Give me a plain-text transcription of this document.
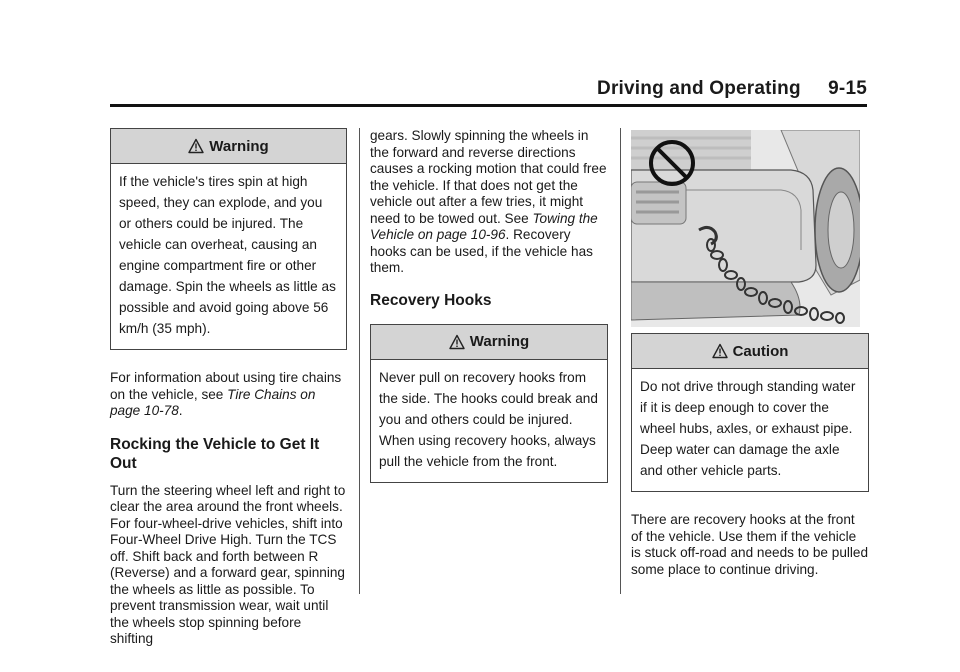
Driving and Operating     9-15
Warning
If the vehicle's tires spin at high speed, they can explode, and you or others could be injured. The vehicle can overheat, causing an engine compartment fire or other damage. Spin the wheels as little as possible and avoid going above 56 km/h (35 mph).

For information about using tire chains on the vehicle, see Tire Chains on page 10-78.

Rocking the Vehicle to Get It Out

Turn the steering wheel left and right to clear the area around the front wheels. For four-wheel-drive vehicles, shift into Four-Wheel Drive High. Turn the TCS off. Shift back and forth between R (Reverse) and a forward gear, spinning the wheels as little as possible. To prevent transmission wear, wait until the wheels stop spinning before shifting

gears. Slowly spinning the wheels in the forward and reverse directions causes a rocking motion that could free the vehicle. If that does not get the vehicle out after a few tries, it might need to be towed out. See Towing the Vehicle on page 10-96. Recovery hooks can be used, if the vehicle has them.

Recovery Hooks
Warning
Never pull on recovery hooks from the side. The hooks could break and you and others could be injured. When using recovery hooks, always pull the vehicle from the front.
Caution
Do not drive through standing water if it is deep enough to cover the wheel hubs, axles, or exhaust pipe. Deep water can damage the axle and other vehicle parts.

There are recovery hooks at the front of the vehicle. Use them if the vehicle is stuck off-road and needs to be pulled some place to continue driving.
